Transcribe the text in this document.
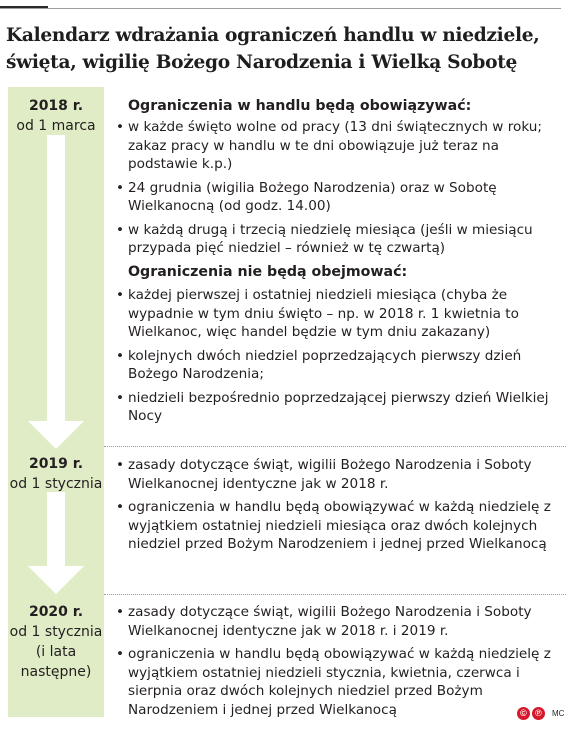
Kalendarz wdrażania ograniczeń handlu w niedziele, święta, wigilię Bożego Narodzenia i Wielką Sobotę
2018 r.
od 1 marca
2019 r.
od 1 stycznia
2020 r.
od 1 stycznia
(i lata następne)
Ograniczenia w handlu będą obowiązywać:
• w każde święto wolne od pracy (13 dni świątecznych w roku; zakaz pracy w handlu w te dni obowiązuje już teraz na podstawie k.p.)
• 24 grudnia (wigilia Bożego Narodzenia) oraz w Sobotę Wielkanocną (od godz. 14.00)
• w każdą drugą i trzecią niedzielę miesiąca (jeśli w miesiącu przypada pięć niedziel – również w tę czwartą)
Ograniczenia nie będą obejmować:
• każdej pierwszej i ostatniej niedzieli miesiąca (chyba że wypadnie w tym dniu święto – np. w 2018 r. 1 kwietnia to Wielkanoc, więc handel będzie w tym dniu zakazany)
• kolejnych dwóch niedziel poprzedzających pierwszy dzień Bożego Narodzenia;
• niedzieli bezpośrednio poprzedzającej pierwszy dzień Wielkiej Nocy
• zasady dotyczące świąt, wigilii Bożego Narodzenia i Soboty Wielkanocnej identyczne jak w 2018 r.
• ograniczenia w handlu będą obowiązywać w każdą niedzielę z wyjątkiem ostatniej niedzieli miesiąca oraz dwóch kolejnych niedziel przed Bożym Narodzeniem i jednej przed Wielkanocą
• zasady dotyczące świąt, wigilii Bożego Narodzenia i Soboty Wielkanocnej identyczne jak w 2018 r. i 2019 r.
• ograniczenia w handlu będą obowiązywać w każdą niedzielę z wyjątkiem ostatniej niedzieli stycznia, kwietnia, czerwca i sierpnia oraz dwóch kolejnych niedziel przed Bożym Narodzeniem i jednej przed Wielkanocą	© ℗	MC
